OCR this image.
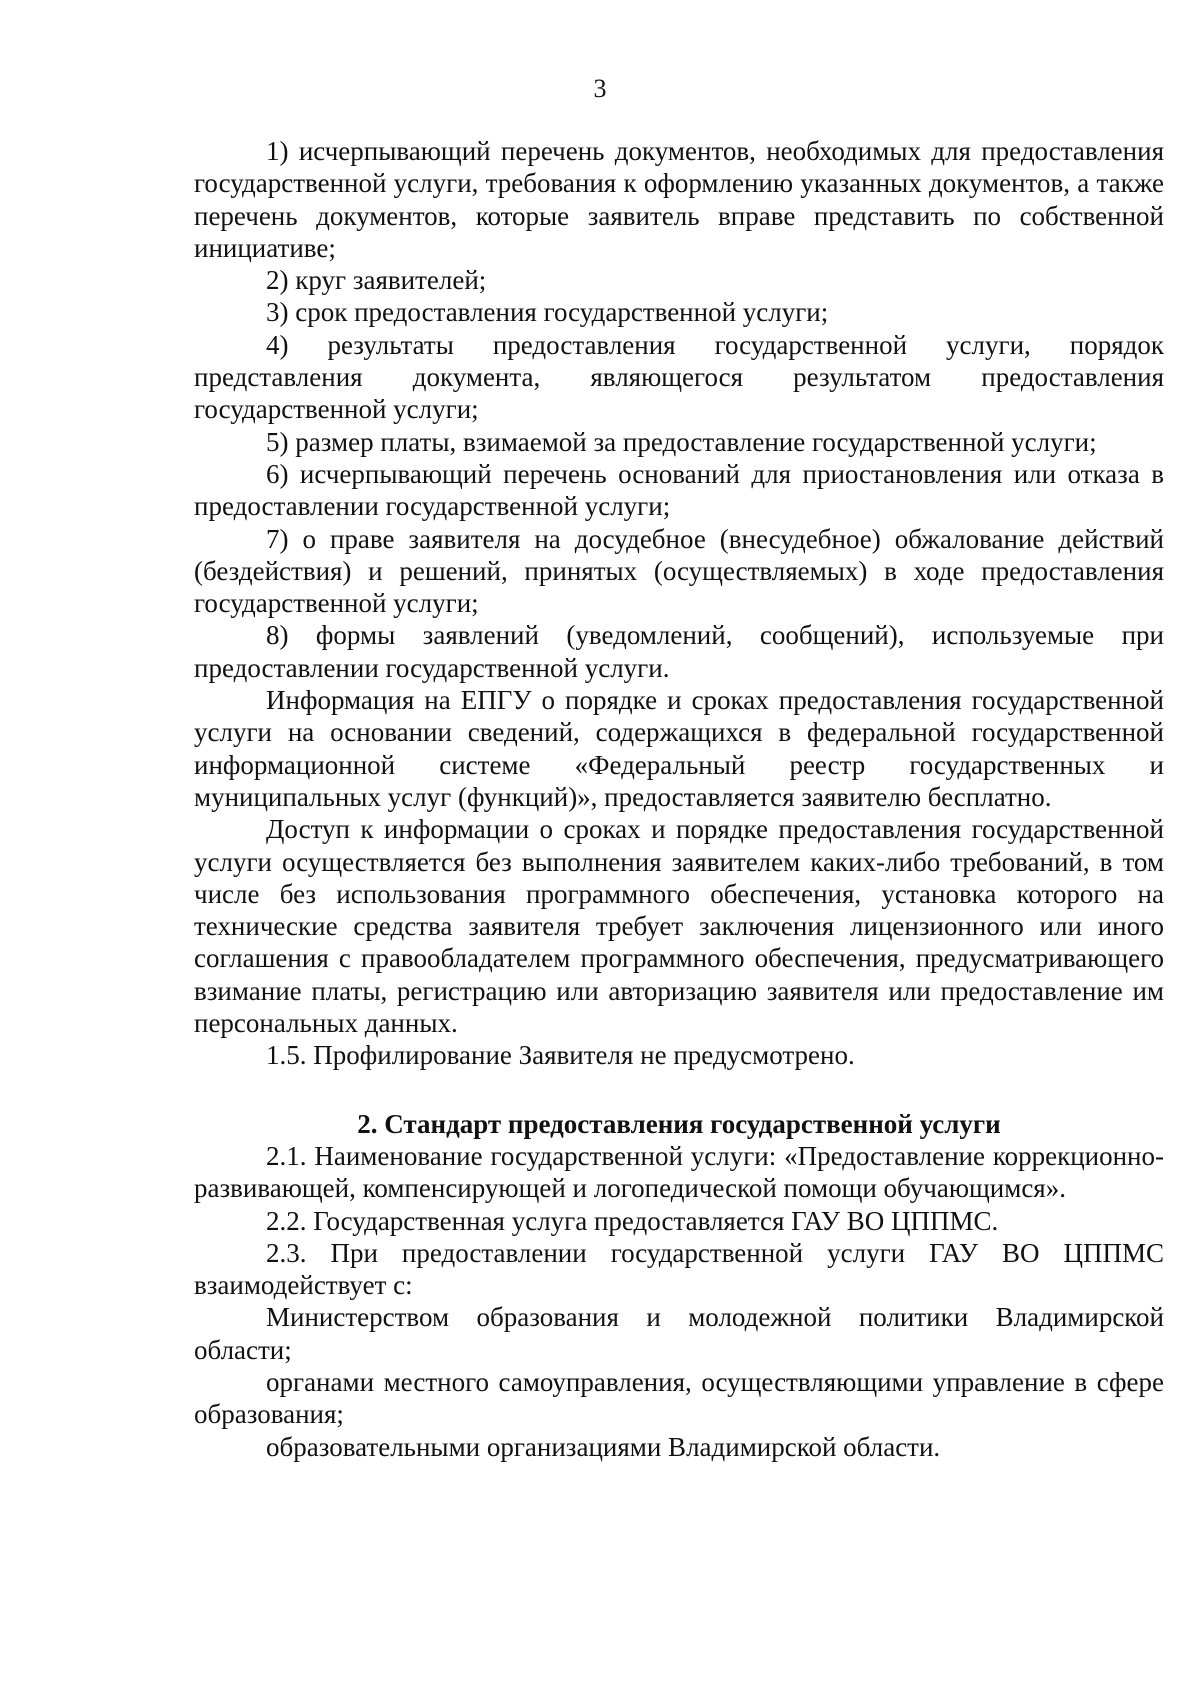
3

1) исчерпывающий перечень документов, необходимых для предоставления государственной услуги, требования к оформлению указанных документов, а также перечень документов, которые заявитель вправе представить по собственной инициативе;

2) круг заявителей;

3) срок предоставления государственной услуги;

4) результаты предоставления государственной услуги, порядок представления документа, являющегося результатом предоставления государственной услуги;

5) размер платы, взимаемой за предоставление государственной услуги;

6) исчерпывающий перечень оснований для приостановления или отказа в предоставлении государственной услуги;

7) о праве заявителя на досудебное (внесудебное) обжалование действий (бездействия) и решений, принятых (осуществляемых) в ходе предоставления государственной услуги;

8) формы заявлений (уведомлений, сообщений), используемые при предоставлении государственной услуги.

Информация на ЕПГУ о порядке и сроках предоставления государственной услуги на основании сведений, содержащихся в федеральной государственной информационной системе «Федеральный реестр государственных и муниципальных услуг (функций)», предоставляется заявителю бесплатно.

Доступ к информации о сроках и порядке предоставления государственной услуги осуществляется без выполнения заявителем каких-либо требований, в том числе без использования программного обеспечения, установка которого на технические средства заявителя требует заключения лицензионного или иного соглашения с правообладателем программного обеспечения, предусматривающего взимание платы, регистрацию или авторизацию заявителя или предоставление им персональных данных.

1.5. Профилирование Заявителя не предусмотрено.

2. Стандарт предоставления государственной услуги

2.1. Наименование государственной услуги: «Предоставление коррекционно-развивающей, компенсирующей и логопедической помощи обучающимся».

2.2. Государственная услуга предоставляется ГАУ ВО ЦППМС.

2.3. При предоставлении государственной услуги ГАУ ВО ЦППМС взаимодействует с:

Министерством образования и молодежной политики Владимирской области;

органами местного самоуправления, осуществляющими управление в сфере образования;

образовательными организациями Владимирской области.
